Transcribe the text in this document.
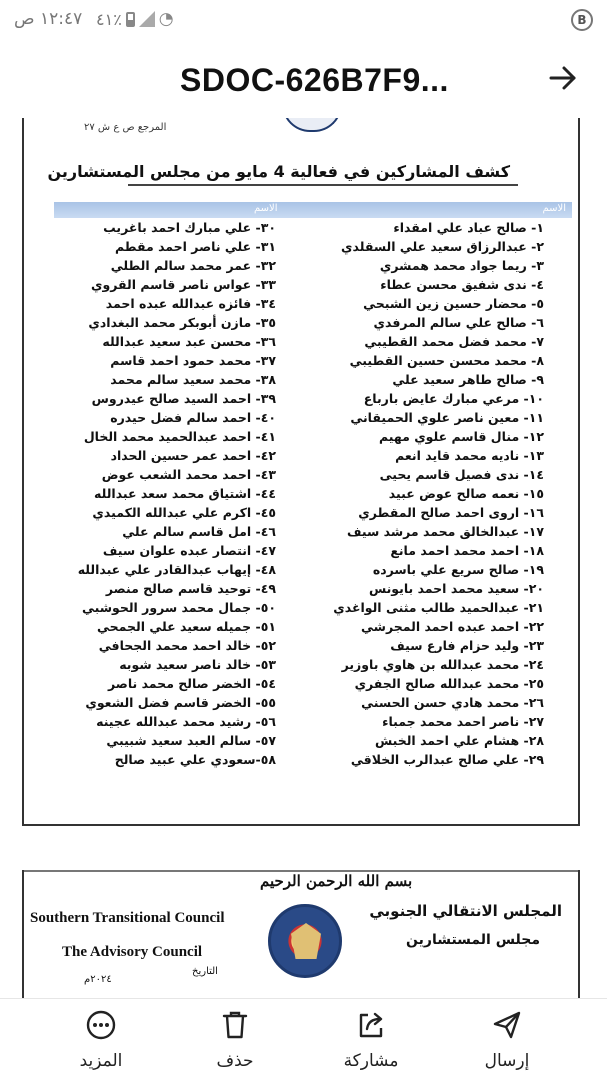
١٢:٤٧ ص ٤١٪ ◔	B
SDOC-626B7F9...
المرجع ص ع ش ٢٧
كشف المشاركين في فعالية 4 مايو من مجلس المستشارين
الاسم
الاسم
١- صالح عباد علي امقداء
٢- عبدالرزاق سعيد علي السقلدي
٣- ريما جواد محمد همشري
٤- ندى شفيق محسن عطاء
٥- محضار حسين زين الشبحي
٦- صالح علي سالم المرفدي
٧- محمد فضل محمد القطيبي
٨- محمد محسن حسين القطيبي
٩- صالح طاهر سعيد علي
١٠- مرعي مبارك عايض بارباع
١١- معين ناصر علوي الحميقاني
١٢- منال قاسم علوي مهيم
١٣- ناديه محمد قايد انعم
١٤- ندى فصيل قاسم يحيى
١٥- نعمه صالح عوض عبيد
١٦- اروى احمد صالح المقطري
١٧- عبدالخالق محمد مرشد سيف
١٨- احمد محمد احمد مانع
١٩- صالح سريع علي باسرده
٢٠- سعيد محمد احمد بايونس
٢١- عبدالحميد طالب مثنى الواغدي
٢٢- احمد عبده احمد المجرشي
٢٣- وليد حزام فارع سيف
٢٤- محمد عبدالله بن هاوي باوزير
٢٥- محمد عبدالله صالح الجفري
٢٦- محمد هادي حسن الحسني
٢٧- ناصر احمد محمد جمباء
٢٨- هشام علي احمد الخبش
٢٩- علي صالح عبدالرب الخلاقي
٣٠- علي مبارك احمد باغريب
٣١- علي ناصر احمد مقطم
٣٢- عمر محمد سالم الطلي
٣٣- عواس ناصر قاسم القروي
٣٤- فائزه عبدالله عبده احمد
٣٥- مازن أبوبكر محمد البغدادي
٣٦- محسن عبد سعيد عبدالله
٣٧- محمد حمود احمد قاسم
٣٨- محمد سعيد سالم محمد
٣٩- احمد السيد صالح عيدروس
٤٠- احمد سالم فضل حيدره
٤١- احمد عبدالحميد محمد الخال
٤٢- احمد عمر حسين الحداد
٤٣- احمد محمد الشعب عوض
٤٤- اشتياق محمد سعد عبدالله
٤٥- اكرم علي عبدالله الكميدي
٤٦- امل قاسم سالم علي
٤٧- انتصار عبده علوان سيف
٤٨- إيهاب عبدالقادر علي عبدالله
٤٩- توحيد قاسم صالح منصر
٥٠- جمال محمد سرور الحوشبي
٥١- جميله سعيد علي الجمحي
٥٢- خالد احمد محمد الجحافي
٥٣- خالد ناصر سعيد شوبه
٥٤- الخضر صالح محمد ناصر
٥٥- الخضر قاسم فضل الشعوي
٥٦- رشيد محمد عبدالله عجينه
٥٧- سالم العبد سعيد شبيبي
٥٨-سعودي علي عبيد صالح
بسم الله الرحمن الرحيم
Southern Transitional Council
The Advisory Council
المجلس الانتقالي الجنوبي
مجلس المستشارين
التاريخ
٢٠٢٤م
المزيد	حذف	مشاركة	إرسال
